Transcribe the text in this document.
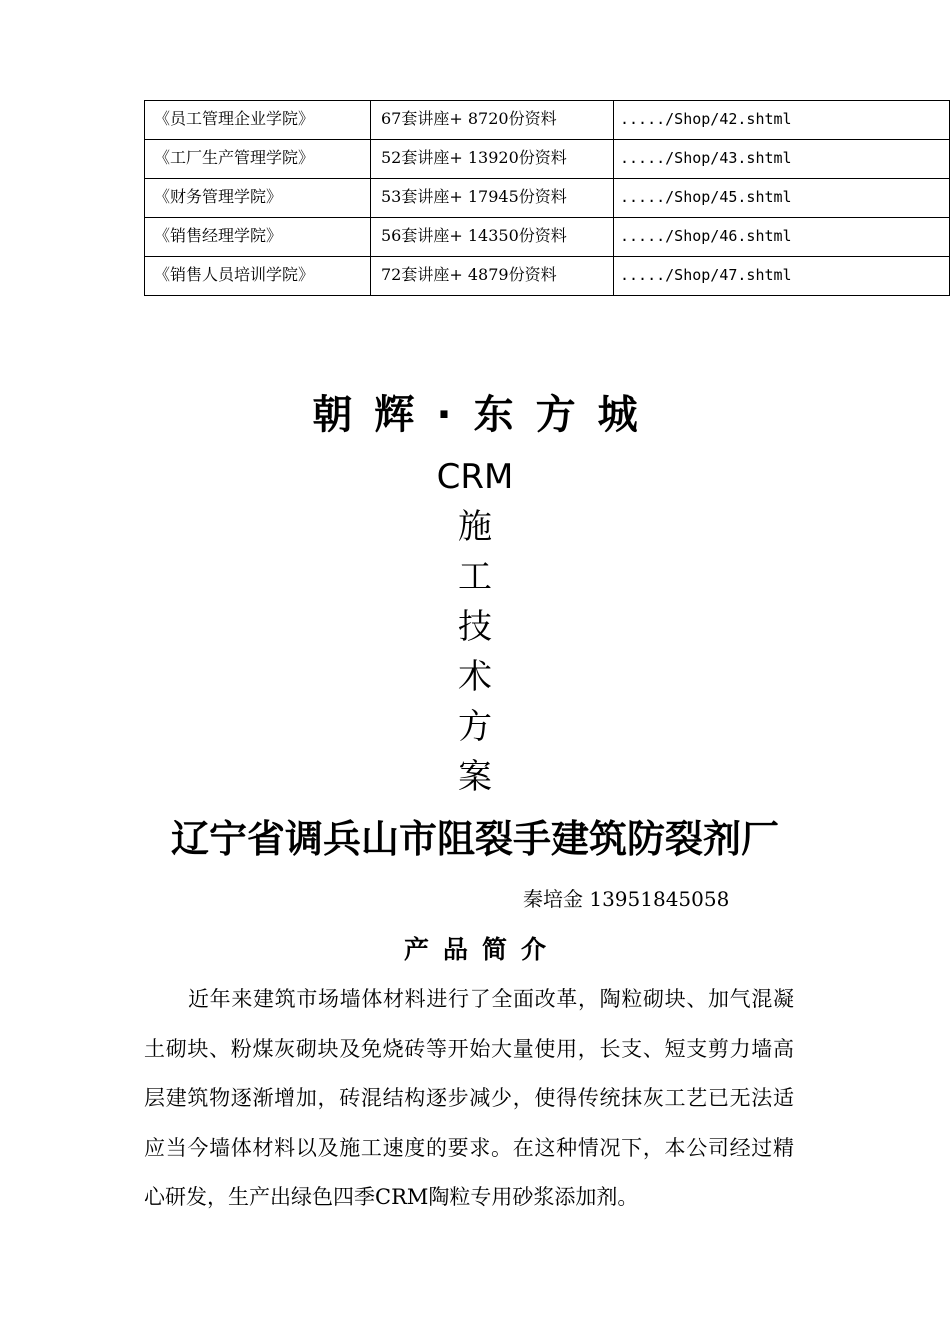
《员工管理企业学院》	67套讲座+ 8720份资料	...../Shop/42.shtml
《工厂生产管理学院》	52套讲座+ 13920份资料	...../Shop/43.shtml
《财务管理学院》	53套讲座+ 17945份资料	...../Shop/45.shtml
《销售经理学院》	56套讲座+ 14350份资料	...../Shop/46.shtml
《销售人员培训学院》	72套讲座+ 4879份资料	...../Shop/47.shtml
朝辉·东方城
CRM
施
工
技
术
方
案
辽宁省调兵山市阻裂手建筑防裂剂厂
秦培金 13951845058
产品简介

近年来建筑市场墙体材料进行了全面改革，陶粒砌块、加气混凝土砌块、粉煤灰砌块及免烧砖等开始大量使用，长支、短支剪力墙高层建筑物逐渐增加，砖混结构逐步减少，使得传统抹灰工艺已无法适应当今墙体材料以及施工速度的要求。在这种情况下，本公司经过精心研发，生产出绿色四季CRM陶粒专用砂浆添加剂。
